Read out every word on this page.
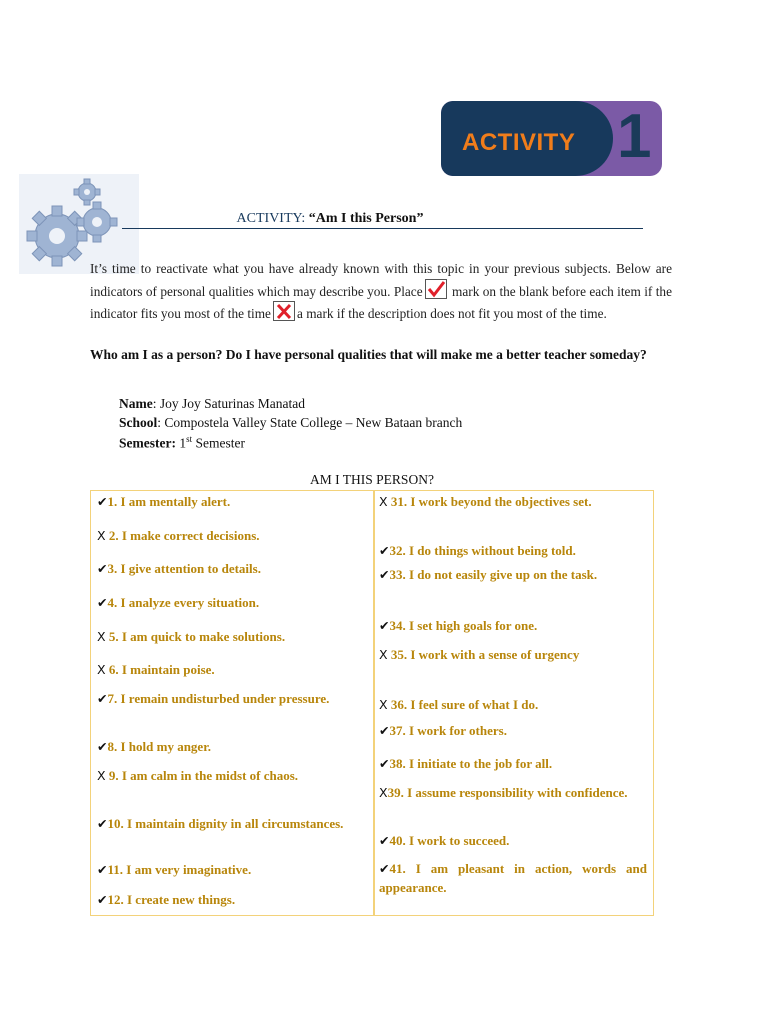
ACTIVITY 1
ACTIVITY: “Am I this Person”
It’s time to reactivate what you have already known with this topic in your previous subjects. Below are indicators of personal qualities which may describe you. Place mark on the blank before each item if the indicator fits you most of the time a mark if the description does not fit you most of the time.
Who am I as a person? Do I have personal qualities that will make me a better teacher someday?
Name: Joy Joy Saturinas Manatad
School: Compostela Valley State College – New Bataan branch
Semester: 1st Semester
AM I THIS PERSON?
✔1. I am mentally alert.
X 2. I make correct decisions.
✔3. I give attention to details.
✔4. I analyze every situation.
X 5. I am quick to make solutions.
X 6. I maintain poise.
✔7. I remain undisturbed under pressure.
✔8. I hold my anger.
X 9. I am calm in the midst of chaos.
✔10. I maintain dignity in all circumstances.
✔11. I am very imaginative.
✔12. I create new things.
X 31. I work beyond the objectives set.
✔32. I do things without being told.
✔33. I do not easily give up on the task.
✔34. I set high goals for one.
X 35. I work with a sense of urgency
X 36. I feel sure of what I do.
✔37. I work for others.
✔38. I initiate to the job for all.
X39. I assume responsibility with confidence.
✔40. I work to succeed.
✔41. I am pleasant in action, words and appearance.
